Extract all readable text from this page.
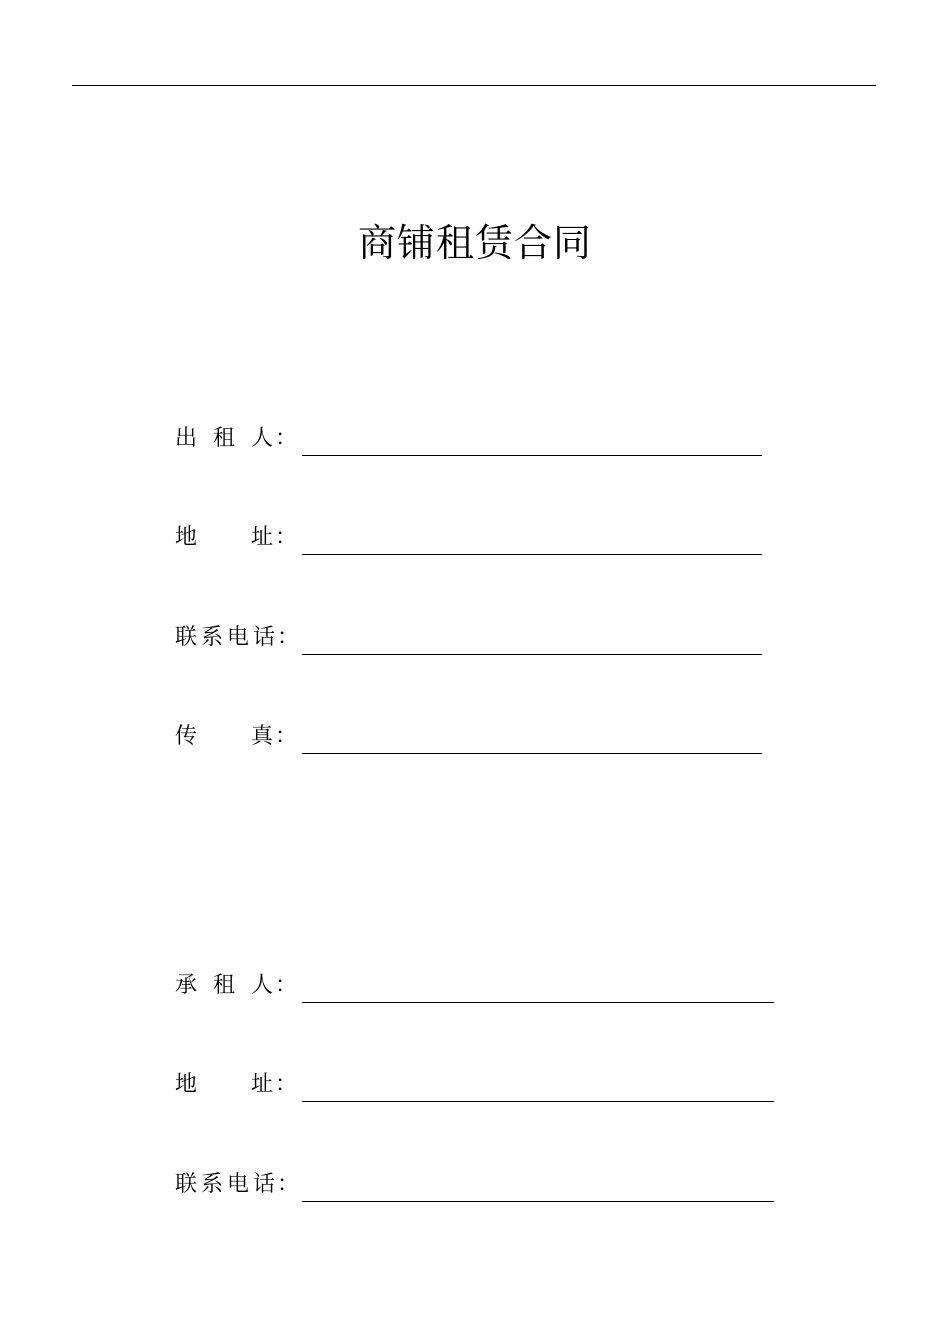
商铺租赁合同
出 租 人 ：
地 址 ：
联 系 电 话 ：
传 真 ：
承 租 人 ：
地 址 ：
联 系 电 话 ：
